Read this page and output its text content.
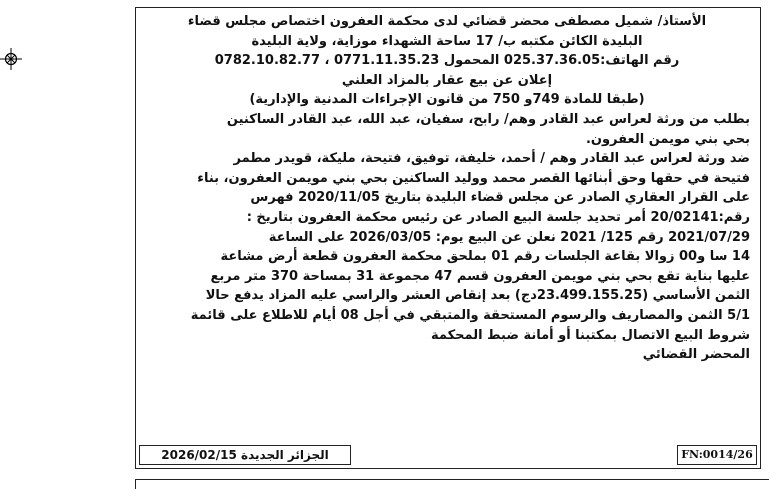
الأستاذ/ شميل مصطفى محضر قضائي لدى محكمة العفرون اختصاص مجلس قضاء
البليدة الكائن مكتبه ب/ 17 ساحة الشهداء موزاية، ولاية البليدة
رقم الهاتف:025.37.36.05 المحمول 0771.11.35.23 ، 0782.10.82.77
إعلان عن بيع عقار بالمزاد العلني
(طبقا للمادة 749و 750 من قانون الإجراءات المدنية والإدارية)
بطلب من ورثة لعراس عبد القادر وهم/ رابح، سفيان، عبد الله، عبد القادر الساكنين
بحي بني مويمن العفرون.
ضد ورثة لعراس عبد القادر وهم / أحمد، خليفة، توفيق، فتيحة، مليكة، قويدر مطمر
فتيحة في حقها وحق أبنائها القصر محمد ووليد الساكنين بحي بني مويمن العفرون، بناء
على القرار العقاري الصادر عن مجلس قضاء البليدة بتاريخ 2020/11/05 فهرس
رقم:20/02141 أمر تحديد جلسة البيع الصادر عن رئيس محكمة العفرون بتاريخ :
2021/07/29 رقم 125/ 2021 نعلن عن البيع يوم: 2026/03/05 على الساعة
14 سا و00 زوالا بقاعة الجلسات رقم 01 بملحق محكمة العفرون قطعة أرض مشاعة
عليها بناية تقع بحي بني مويمن العفرون قسم 47 مجموعة 31 بمساحة 370 متر مربع
الثمن الأساسي (23.499.155.25دج) بعد إنقاص العشر والراسي عليه المزاد يدفع حالا
5/1 الثمن والمصاريف والرسوم المستحقة والمتبقي في أجل 08 أيام للاطلاع على قائمة
شروط البيع الاتصال بمكتبنا أو أمانة ضبط المحكمة
المحضر القضائي
الجزائر الجديدة 2026/02/15	FN:0014/26
